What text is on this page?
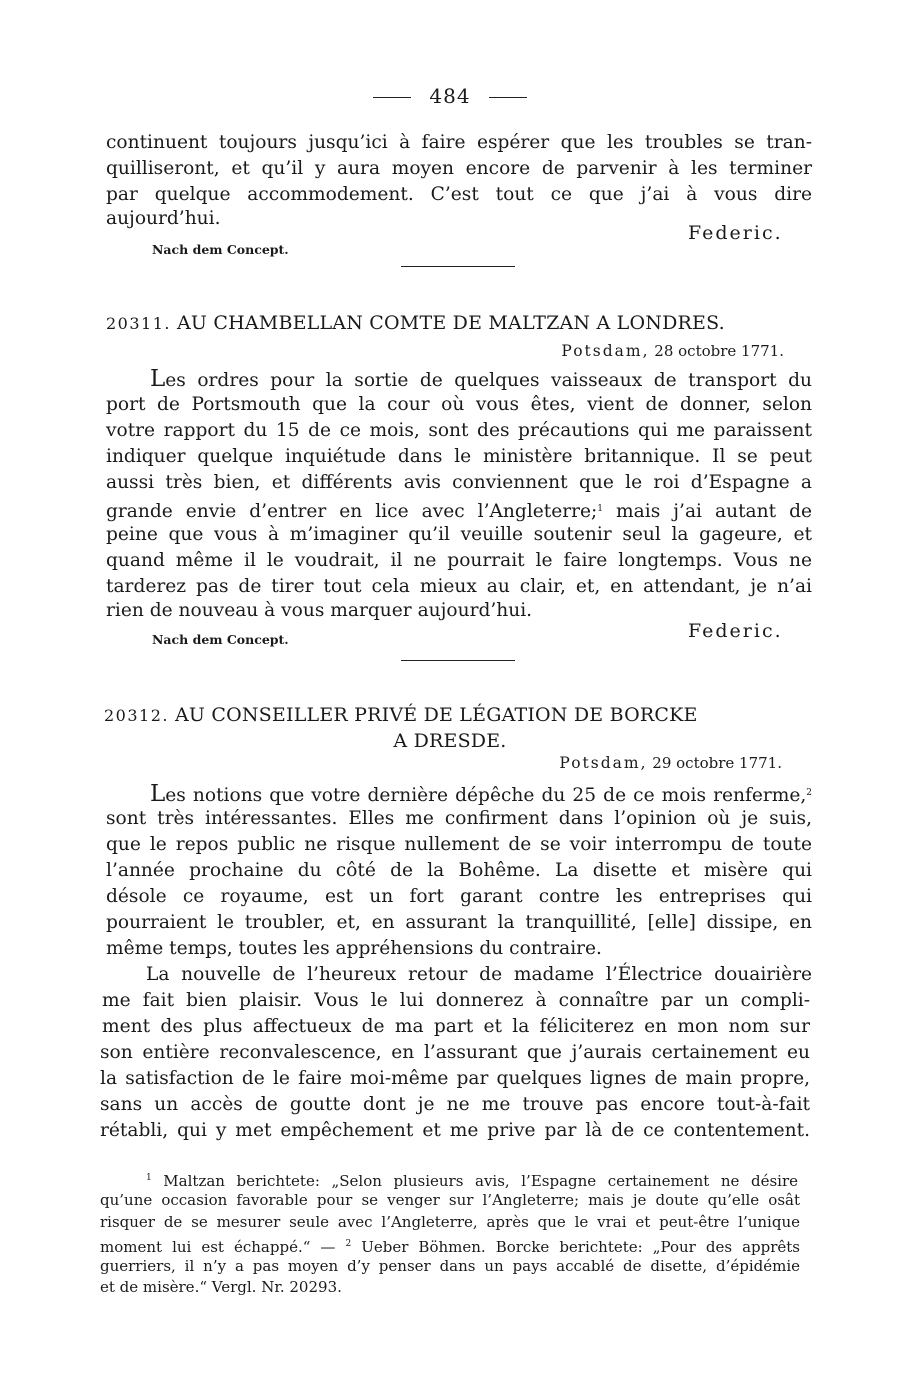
484

continuent toujours jusqu’ici à faire espérer que les troubles se tran-

quilliseront, et qu’il y aura moyen encore de parvenir à les terminer

par quelque accommodement. C’est tout ce que j’ai à vous dire

aujourd’hui.

Federic.

Nach dem Concept.

20311. AU CHAMBELLAN COMTE DE MALTZAN A LONDRES.

Potsdam, 28 octobre 1771.

Les ordres pour la sortie de quelques vaisseaux de transport du

port de Portsmouth que la cour où vous êtes, vient de donner, selon

votre rapport du 15 de ce mois, sont des précautions qui me paraissent

indiquer quelque inquiétude dans le ministère britannique. Il se peut

aussi très bien, et différents avis conviennent que le roi d’Espagne a

grande envie d’entrer en lice avec l’Angleterre;$^1$ mais j’ai autant de

peine que vous à m’imaginer qu’il veuille soutenir seul la gageure, et

quand même il le voudrait, il ne pourrait le faire longtemps. Vous ne

tarderez pas de tirer tout cela mieux au clair, et, en attendant, je n’ai

rien de nouveau à vous marquer aujourd’hui.

Federic.

Nach dem Concept.

20312. AU CONSEILLER PRIVÉ DE LÉGATION DE BORCKE

A DRESDE.

Potsdam, 29 octobre 1771.

Les notions que votre dernière dépêche du 25 de ce mois renferme,$^2$

sont très intéressantes. Elles me confirment dans l’opinion où je suis,

que le repos public ne risque nullement de se voir interrompu de toute

l’année prochaine du côté de la Bohême. La disette et misère qui

désole ce royaume, est un fort garant contre les entreprises qui

pourraient le troubler, et, en assurant la tranquillité, [elle] dissipe, en

même temps, toutes les appréhensions du contraire.

La nouvelle de l’heureux retour de madame l’Électrice douairière

me fait bien plaisir. Vous le lui donnerez à connaître par un compli-

ment des plus affectueux de ma part et la féliciterez en mon nom sur

son entière reconvalescence, en l’assurant que j’aurais certainement eu

la satisfaction de le faire moi-même par quelques lignes de main propre,

sans un accès de goutte dont je ne me trouve pas encore tout-à-fait

rétabli, qui y met empêchement et me prive par là de ce contentement.

$^1$ Maltzan berichtete: „Selon plusieurs avis, l’Espagne certainement ne désire

qu’une occasion favorable pour se venger sur l’Angleterre; mais je doute qu’elle osât

risquer de se mesurer seule avec l’Angleterre, après que le vrai et peut-être l’unique

moment lui est échappé.“ — $^2$ Ueber Böhmen. Borcke berichtete: „Pour des apprêts

guerriers, il n’y a pas moyen d’y penser dans un pays accablé de disette, d’épidémie

et de misère.“ Vergl. Nr. 20293.
